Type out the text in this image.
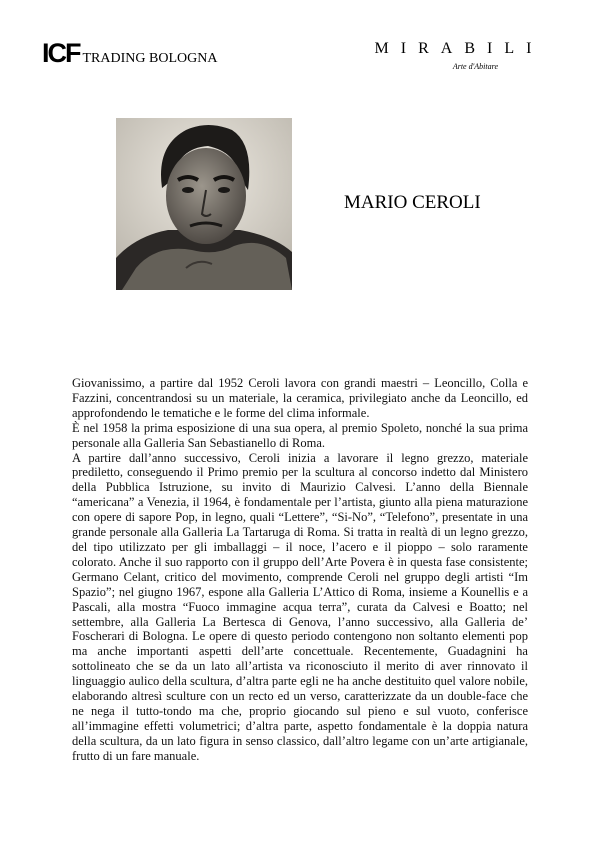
ICF TRADING BOLOGNA
MIRABILI
Arte d'Abitare
MARIO CEROLI

Giovanissimo, a partire dal 1952 Ceroli lavora con grandi maestri – Leoncillo, Colla e Fazzini, concentrandosi su un materiale, la ceramica, privilegiato anche da Leoncillo, ed approfondendo le tematiche e le forme del clima informale.

È nel 1958 la prima esposizione di una sua opera, al premio Spoleto, nonché la sua prima personale alla Galleria San Sebastianello di Roma.

A partire dall’anno successivo, Ceroli inizia a lavorare il legno grezzo, materiale prediletto, conseguendo il Primo premio per la scultura al concorso indetto dal Ministero della Pubblica Istruzione, su invito di Maurizio Calvesi. L’anno della Biennale “americana” a Venezia, il 1964, è fondamentale per l’artista, giunto alla piena maturazione con opere di sapore Pop, in legno, quali “Lettere”, “Si-No”, “Telefono”, presentate in una grande personale alla Galleria La Tartaruga di Roma. Si tratta in realtà di un legno grezzo, del tipo utilizzato per gli imballaggi – il noce, l’acero e il pioppo – solo raramente colorato. Anche il suo rapporto con il gruppo dell’Arte Povera è in questa fase consistente; Germano Celant, critico del movimento, comprende Ceroli nel gruppo degli artisti “Im Spazio”; nel giugno 1967, espone alla Galleria L’Attico di Roma, insieme a Kounellis e a Pascali, alla mostra “Fuoco immagine acqua terra”, curata da Calvesi e Boatto; nel settembre, alla Galleria La Bertesca di Genova, l’anno successivo, alla Galleria de’ Foscherari di Bologna. Le opere di questo periodo contengono non soltanto elementi pop ma anche importanti aspetti dell’arte concettuale. Recentemente, Guadagnini ha sottolineato che se da un lato all’artista va riconosciuto il merito di aver rinnovato il linguaggio aulico della scultura, d’altra parte egli ne ha anche destituito quel valore nobile, elaborando altresì sculture con un recto ed un verso, caratterizzate da un double-face che ne nega il tutto-tondo ma che, proprio giocando sul pieno e sul vuoto, conferisce all’immagine effetti volumetrici; d’altra parte, aspetto fondamentale è la doppia natura della scultura, da un lato figura in senso classico, dall’altro legame con un’arte artigianale, frutto di un fare manuale.
